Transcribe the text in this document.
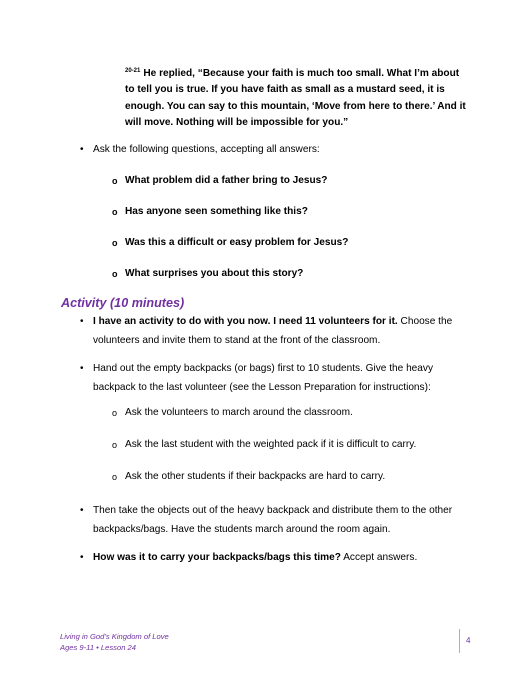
$^{20-21}$ He replied, “Because your faith is much too small. What I’m about to tell you is true. If you have faith as small as a mustard seed, it is enough. You can say to this mountain, ‘Move from here to there.’ And it will move. Nothing will be impossible for you.”
• Ask the following questions, accepting all answers:
o What problem did a father bring to Jesus?
o Has anyone seen something like this?
o Was this a difficult or easy problem for Jesus?
o What surprises you about this story?
Activity (10 minutes)
• I have an activity to do with you now. I need 11 volunteers for it. Choose the volunteers and invite them to stand at the front of the classroom.
• Hand out the empty backpacks (or bags) first to 10 students. Give the heavy backpack to the last volunteer (see the Lesson Preparation for instructions):
o Ask the volunteers to march around the classroom.
o Ask the last student with the weighted pack if it is difficult to carry.
o Ask the other students if their backpacks are hard to carry.
• Then take the objects out of the heavy backpack and distribute them to the other backpacks/bags. Have the students march around the room again.
• How was it to carry your backpacks/bags this time? Accept answers.
Living in God’s Kingdom of Love
Ages 9-11 • Lesson 24
4
